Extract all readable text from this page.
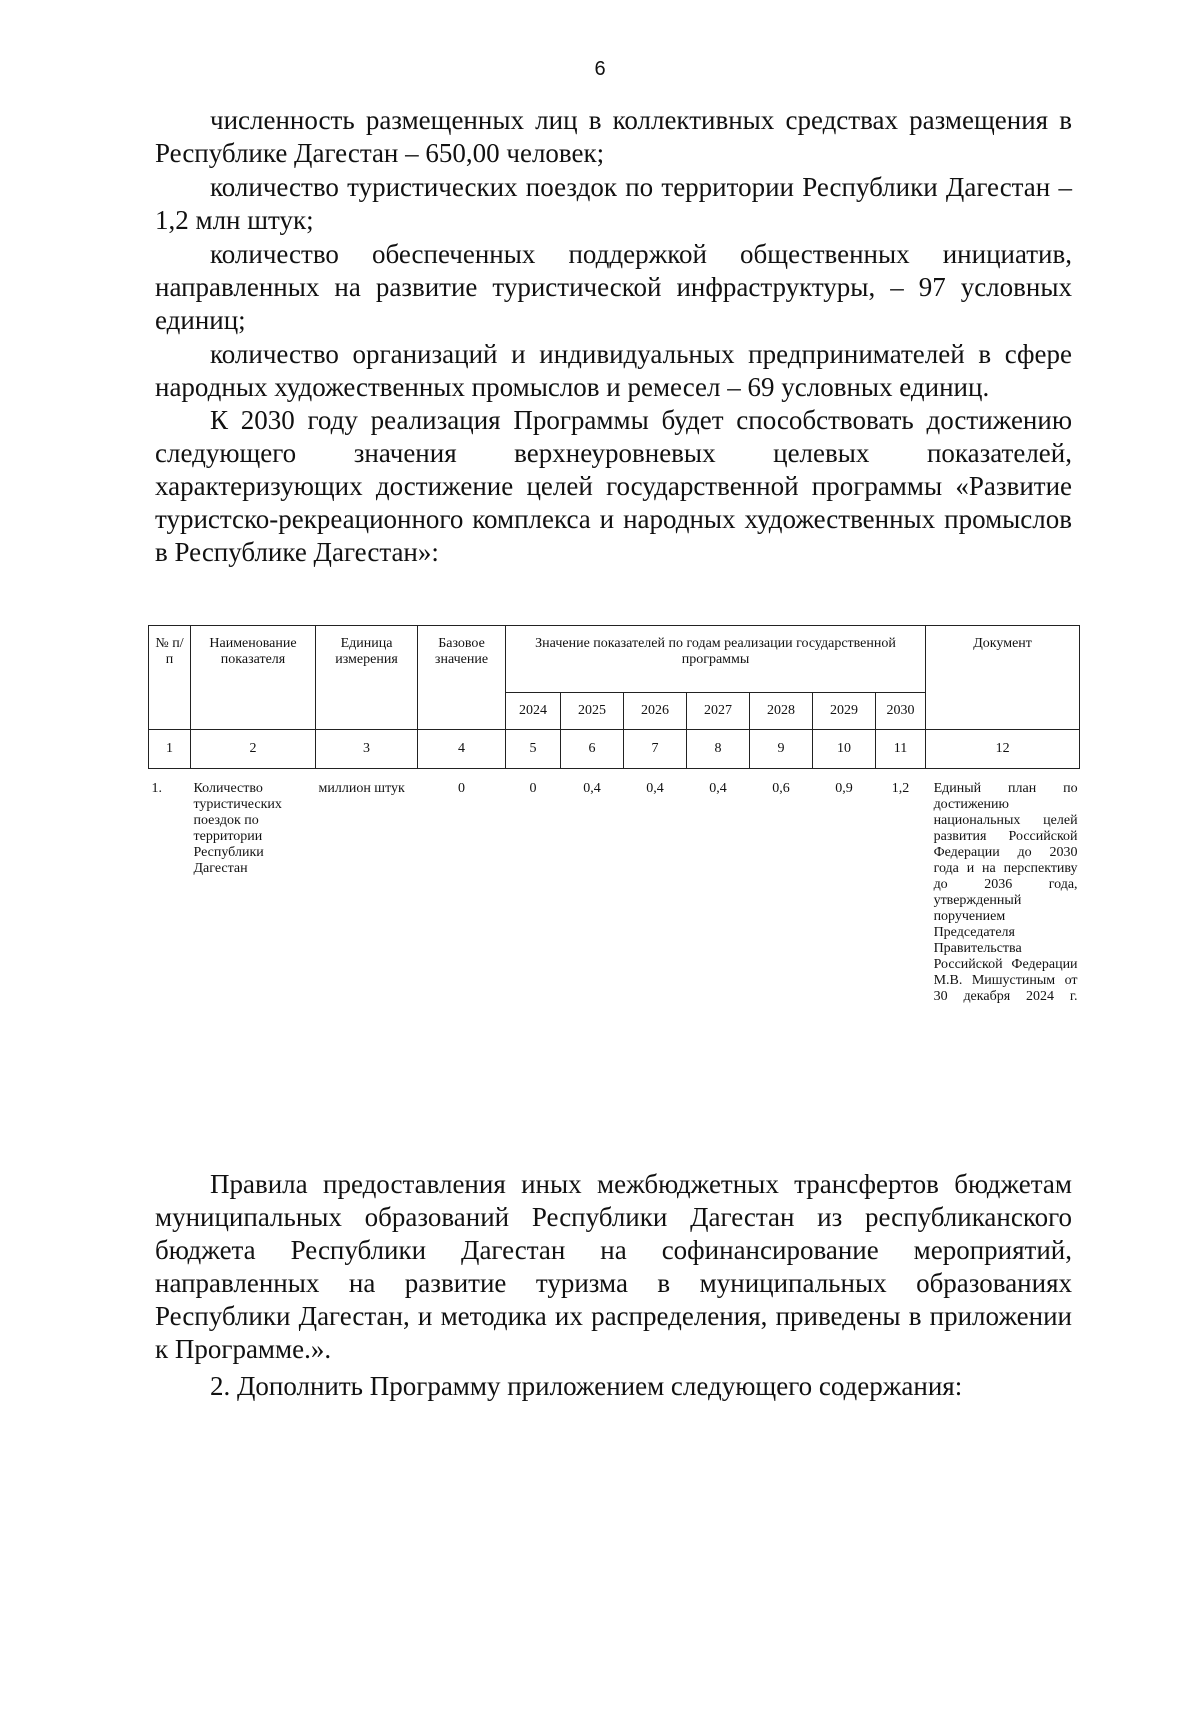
6

численность размещенных лиц в коллективных средствах размещения в Республике Дагестан – 650,00 человек;

количество туристических поездок по территории Республики Дагестан – 1,2 млн штук;

количество обеспеченных поддержкой общественных инициатив, направленных на развитие туристической инфраструктуры, – 97 условных единиц;

количество организаций и индивидуальных предпринимателей в сфере народных художественных промыслов и ремесел – 69 условных единиц.

К 2030 году реализация Программы будет способствовать достижению следующего значения верхнеуровневых целевых показателей, характеризующих достижение целей государственной программы «Развитие туристско-рекреационного комплекса и народных художественных промыслов в Республике Дагестан»:

№ п/п	Наименование показателя	Единица измерения	Базовое значение	Значение показателей по годам реализации государственной программы							Документ
				2024	2025	2026	2027	2028	2029	2030	
1	2	3	4	5	6	7	8	9	10	11	12
1.	Количество туристических поездок по территории Республики Дагестан	миллион штук	0	0	0,4	0,4	0,4	0,6	0,9	1,2	Единый план по достижению национальных целей развития Российской Федерации до 2030 года и на перспективу до 2036 года, утвержденный поручением Председателя Правительства Российской Федерации М.В. Мишустиным от 30 декабря 2024 г.

Правила предоставления иных межбюджетных трансфертов бюджетам муниципальных образований Республики Дагестан из республиканского бюджета Республики Дагестан на софинансирование мероприятий, направленных на развитие туризма в муниципальных образованиях Республики Дагестан, и методика их распределения, приведены в приложении к Программе.».

2. Дополнить Программу приложением следующего содержания:
